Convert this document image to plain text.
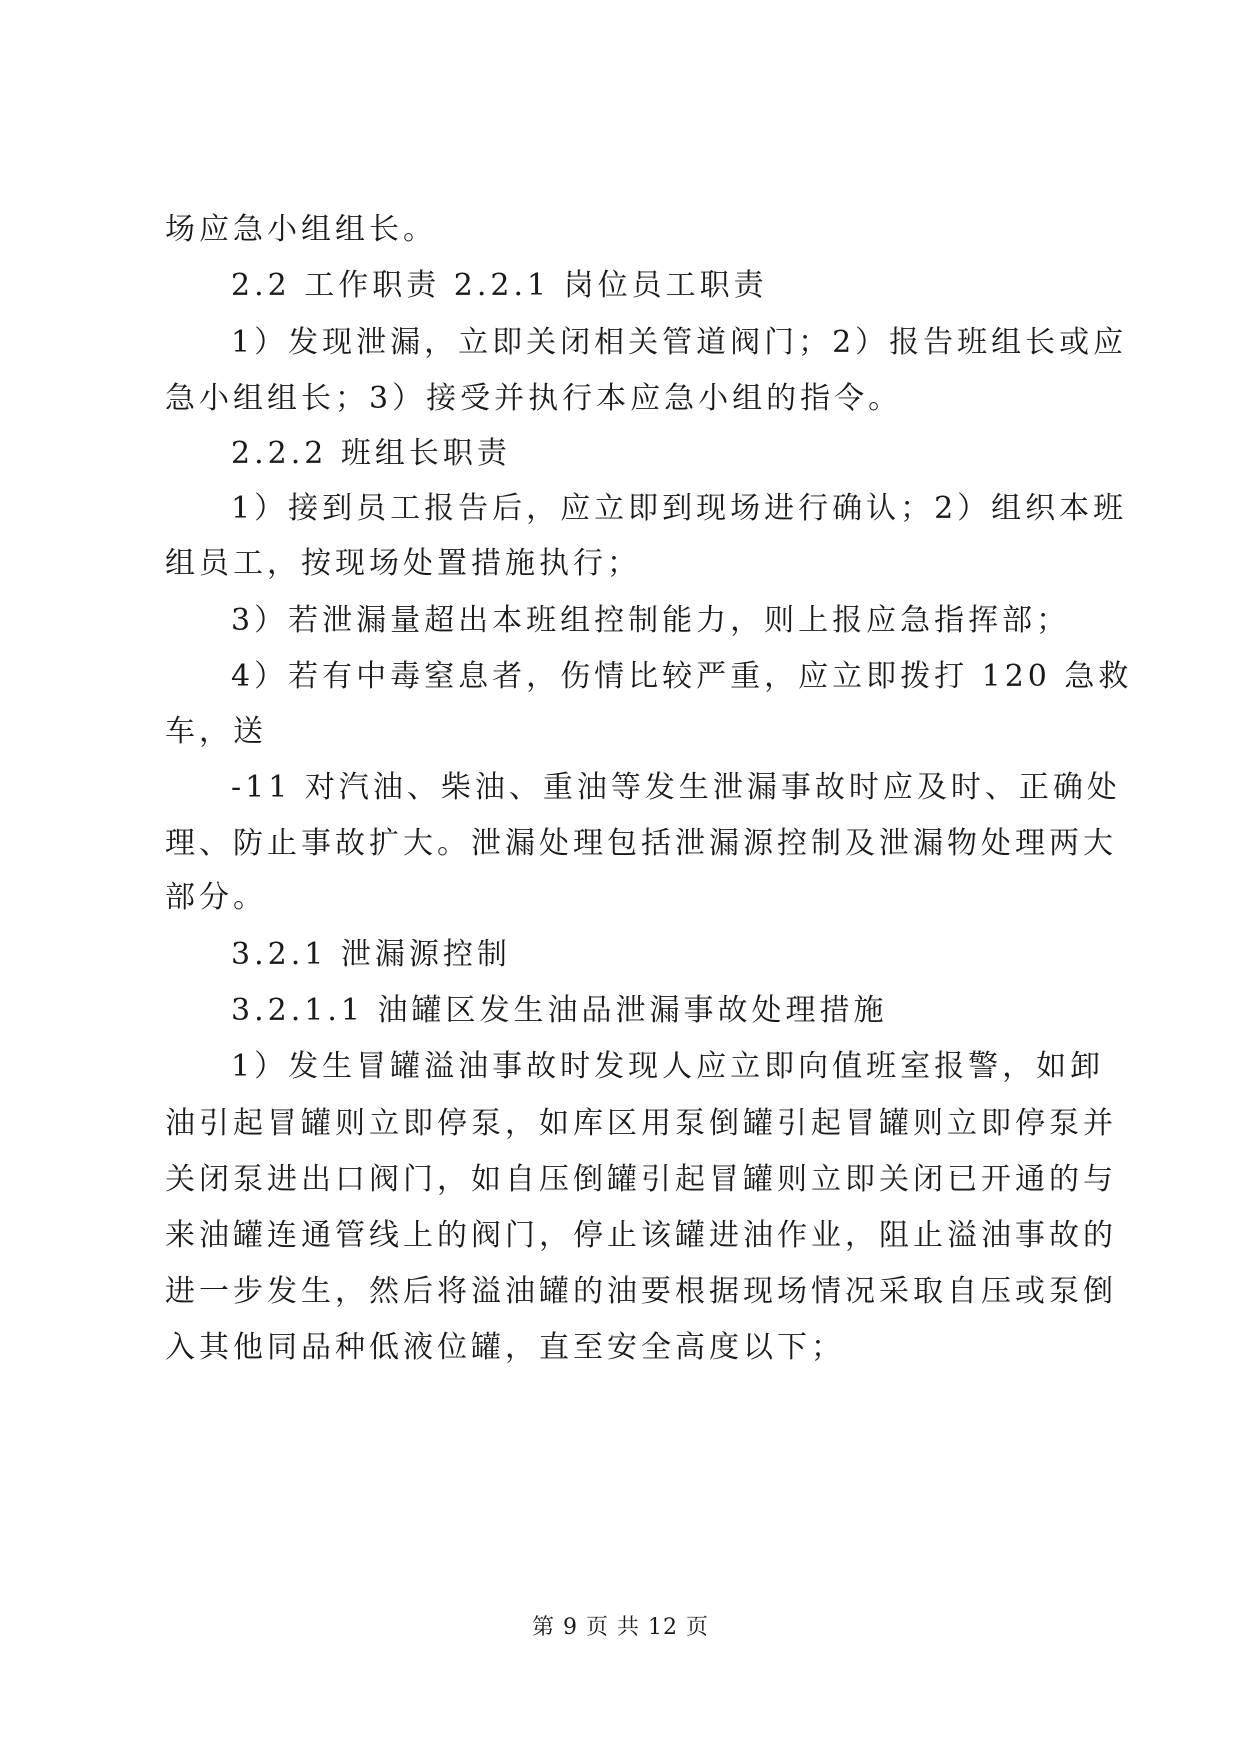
场应急小组组长。
2.2 工作职责 2.2.1 岗位员工职责
1）发现泄漏，立即关闭相关管道阀门；2）报告班组长或应
急小组组长；3）接受并执行本应急小组的指令。
2.2.2 班组长职责
1）接到员工报告后，应立即到现场进行确认；2）组织本班
组员工，按现场处置措施执行；
3）若泄漏量超出本班组控制能力，则上报应急指挥部；
4）若有中毒窒息者，伤情比较严重，应立即拨打 120 急救
车，送
-11 对汽油、柴油、重油等发生泄漏事故时应及时、正确处
理、防止事故扩大。泄漏处理包括泄漏源控制及泄漏物处理两大
部分。
3.2.1 泄漏源控制
3.2.1.1 油罐区发生油品泄漏事故处理措施
1）发生冒罐溢油事故时发现人应立即向值班室报警，如卸
油引起冒罐则立即停泵，如库区用泵倒罐引起冒罐则立即停泵并
关闭泵进出口阀门，如自压倒罐引起冒罐则立即关闭已开通的与
来油罐连通管线上的阀门，停止该罐进油作业，阻止溢油事故的
进一步发生，然后将溢油罐的油要根据现场情况采取自压或泵倒
入其他同品种低液位罐，直至安全高度以下；
第 9 页 共 12 页
